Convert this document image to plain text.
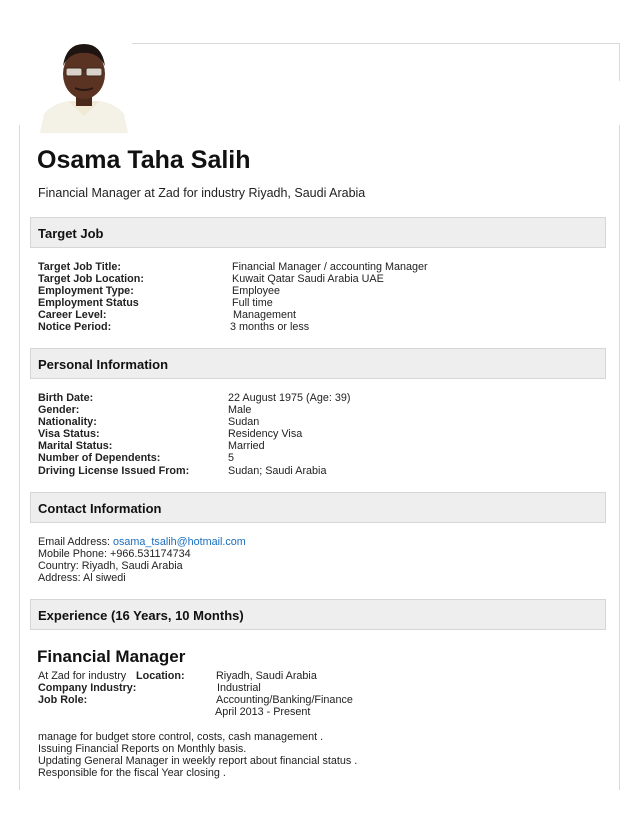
Osama Taha Salih
Financial Manager at Zad for industry Riyadh, Saudi Arabia
Target Job
Target Job Title:	Financial Manager / accounting Manager
Target Job Location:	Kuwait Qatar Saudi Arabia UAE
Employment Type:	Employee
Employment Status	Full time
Career Level:	Management
Notice Period:	3 months or less
Personal Information
Birth Date:	22 August 1975 (Age: 39)
Gender:	Male
Nationality:	Sudan
Visa Status:	Residency Visa
Marital Status:	Married
Number of Dependents:	5
Driving License Issued From:	Sudan; Saudi Arabia
Contact Information
Email Address: osama_tsalih@hotmail.com
Mobile Phone: +966.531174734
Country: Riyadh, Saudi Arabia
Address: Al siwedi
Experience (16 Years, 10 Months)
Financial Manager
At Zad for industry Location:	Riyadh, Saudi Arabia
Company Industry:	Industrial
Job Role:	Accounting/Banking/Finance
April 2013 - Present
manage for budget store control, costs, cash management .
Issuing Financial Reports on Monthly basis.
Updating General Manager in weekly report about financial status .
Responsible for the fiscal Year closing .
